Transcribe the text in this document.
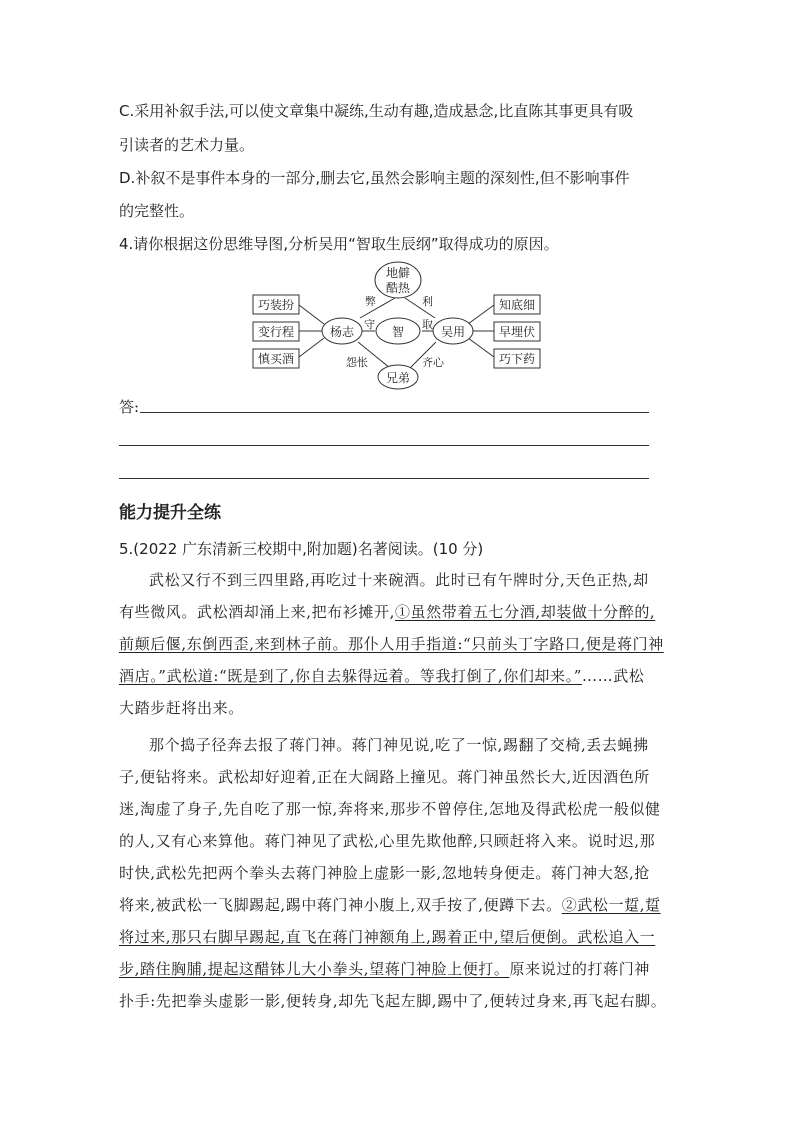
C.采用补叙手法,可以使文章集中凝练,生动有趣,造成悬念,比直陈其事更具有吸
引读者的艺术力量。
D.补叙不是事件本身的一部分,删去它,虽然会影响主题的深刻性,但不影响事件
的完整性。
4.请你根据这份思维导图,分析吴用“智取生辰纲”取得成功的原因。
地僻
酷热
智
杨志	吴用
兄弟
巧装扮
变行程
慎买酒
知底细
早埋伏
巧下药
弊	利
守	取
怨怅	齐心
答:
能力提升全练
5.(2022 广东清新三校期中,附加题)名著阅读。(10 分)
武松又行不到三四里路,再吃过十来碗酒。此时已有午牌时分,天色正热,却
有些微风。武松酒却涌上来,把布衫摊开,①虽然带着五七分酒,却装做十分醉的,
前颠后偃,东倒西歪,来到林子前。那仆人用手指道:“只前头丁字路口,便是蒋门神
酒店。”武松道:“既是到了,你自去躲得远着。等我打倒了,你们却来。”……武松
大踏步赶将出来。
那个捣子径奔去报了蒋门神。蒋门神见说,吃了一惊,踢翻了交椅,丢去蝇拂
子,便钻将来。武松却好迎着,正在大阔路上撞见。蒋门神虽然长大,近因酒色所
迷,淘虚了身子,先自吃了那一惊,奔将来,那步不曾停住,怎地及得武松虎一般似健
的人,又有心来算他。蒋门神见了武松,心里先欺他醉,只顾赶将入来。说时迟,那
时快,武松先把两个拳头去蒋门神脸上虚影一影,忽地转身便走。蒋门神大怒,抢
将来,被武松一飞脚踢起,踢中蒋门神小腹上,双手按了,便蹲下去。②武松一踅,踅
将过来,那只右脚早踢起,直飞在蒋门神额角上,踢着正中,望后便倒。武松追入一
步,踏住胸脯,提起这醋钵儿大小拳头,望蒋门神脸上便打。原来说过的打蒋门神
扑手:先把拳头虚影一影,便转身,却先飞起左脚,踢中了,便转过身来,再飞起右脚。
